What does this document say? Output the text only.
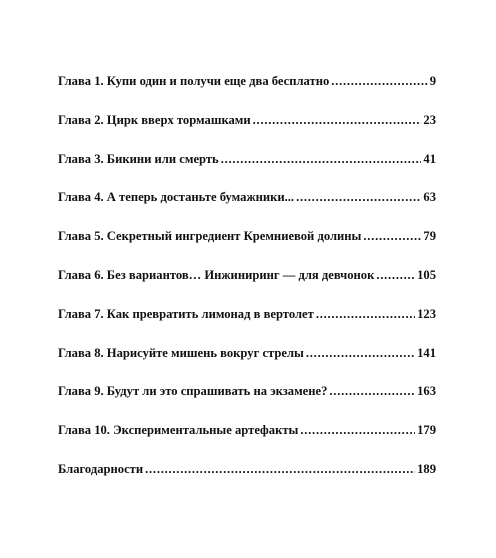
Глава 1. Купи один и получи еще два бесплатно . . .	9
Глава 2. Цирк вверх тормашками . . .	23
Глава 3. Бикини или смерть . . .	41
Глава 4. А теперь достаньте бумажники... . . .	63
Глава 5. Секретный ингредиент Кремниевой долины . . .	79
Глава 6. Без вариантов… Инжиниринг — для девчонок . . .	105
Глава 7. Как превратить лимонад в вертолет . . .	123
Глава 8. Нарисуйте мишень вокруг стрелы . . .	141
Глава 9. Будут ли это спрашивать на экзамене? . . .	163
Глава 10. Экспериментальные артефакты . . .	179
Благодарности . . .	189
